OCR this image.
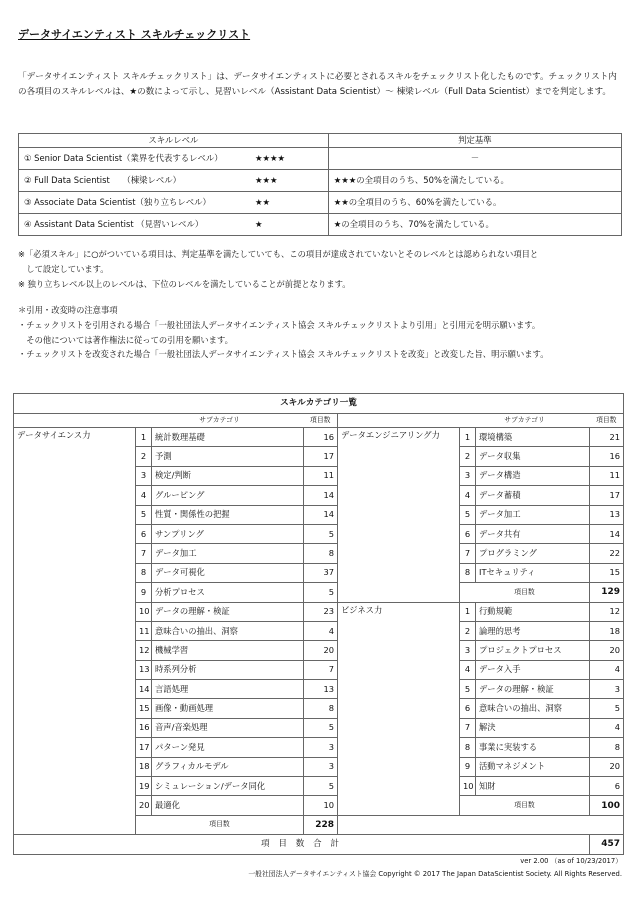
データサイエンティスト スキルチェックリスト
「データサイエンティスト スキルチェックリスト」は、データサイエンティストに必要とされるスキルをチェックリスト化したものです。チェックリスト内の各項目のスキルレベルは、★の数によって示し、見習いレベル（Assistant Data Scientist）～ 棟梁レベル（Full Data Scientist）までを判定します。
スキルレベル	判定基準
① Senior Data Scientist（業界を代表するレベル） ★★★★	－
② Full Data Scientist　　（棟梁レベル） ★★★	★★★の全項目のうち、50%を満たしている。
③ Associate Data Scientist（独り立ちレベル） ★★	★★の全項目のうち、60%を満たしている。
④ Assistant Data Scientist （見習いレベル） ★	★の全項目のうち、70%を満たしている。
※「必須スキル」に○がついている項目は、判定基準を満たしていても、この項目が達成されていないとそのレベルとは認められない項目と
　して設定しています。
※ 独り立ちレベル以上のレベルは、下位のレベルを満たしていることが前提となります。
＊引用・改変時の注意事項
・チェックリストを引用される場合「一般社団法人データサイエンティスト協会 スキルチェックリストより引用」と引用元を明示願います。
　その他については著作権法に従っての引用を願います。
・チェックリストを改変された場合「一般社団法人データサイエンティスト協会 スキルチェックリストを改変」と改変した旨、明示願います。
スキルカテゴリ一覧							
	サブカテゴリ		項目数		サブカテゴリ		項目数
データサイエンス力	1	統計数理基礎	16	データエンジニアリング力	1	環境構築	21
	2	予測	17		2	データ収集	16
	3	検定/判断	11		3	データ構造	11
	4	グルーピング	14		4	データ蓄積	17
	5	性質・関係性の把握	14		5	データ加工	13
	6	サンプリング	5		6	データ共有	14
	7	データ加工	8		7	プログラミング	22
	8	データ可視化	37		8	ITセキュリティ	15
	9	分析プロセス	5		項目数		129
	10	データの理解・検証	23	ビジネス力	1	行動規範	12
	11	意味合いの抽出、洞察	4		2	論理的思考	18
	12	機械学習	20		3	プロジェクトプロセス	20
	13	時系列分析	7		4	データ入手	4
	14	言語処理	13		5	データの理解・検証	3
	15	画像・動画処理	8		6	意味合いの抽出、洞察	5
	16	音声/音楽処理	5		7	解決	4
	17	パターン発見	3		8	事業に実装する	8
	18	グラフィカルモデル	3		9	活動マネジメント	20
	19	シミュレーション/データ同化	5		10	知財	6
	20	最適化	10		項目数		100
	項目数		228				
項 目 数 合 計							457
ver 2.00 （as of 10/23/2017）
一般社団法人データサイエンティスト協会 Copyright © 2017 The Japan DataScientist Society. All Rights Reserved.
